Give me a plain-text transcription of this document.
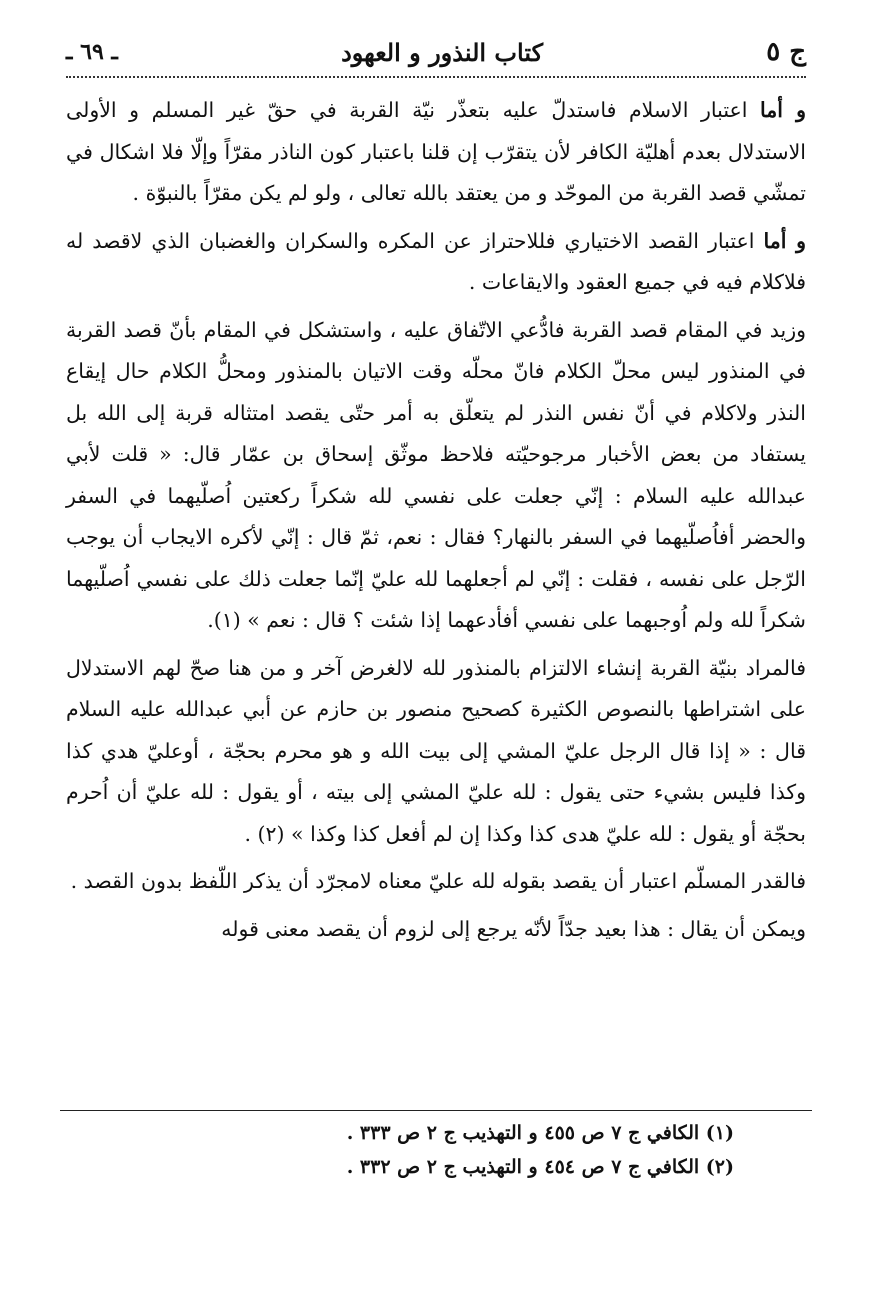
ج ٥
كتاب النذور و العهود
ـ ٦٩ ـ

و أما اعتبار الاسلام فاستدلّ عليه بتعذّر نيّة القربة في حقّ غير المسلم و الأولى الاستدلال بعدم أهليّة الكافر لأن يتقرّب إن قلنا باعتبار كون الناذر مقرّاً وإلّا فلا اشكال في تمشّي قصد القربة من الموحّد و من يعتقد بالله تعالى ، ولو لم يكن مقرّاً بالنبوّة .

و أما اعتبار القصد الاختياري فللاحتراز عن المكره والسكران والغضبان الذي لاقصد له فلاكلام فيه في جميع العقود والايقاعات .

وزيد في المقام قصد القربة فادُّعي الاتّفاق عليه ، واستشكل في المقام بأنّ قصد القربة في المنذور ليس محلّ الكلام فانّ محلّه وقت الاتيان بالمنذور ومحلُّ الكلام حال إيقاع النذر ولاكلام في أنّ نفس النذر لم يتعلّق به أمر حتّى يقصد امتثاله قربة إلى الله بل يستفاد من بعض الأخبار مرجوحيّته فلاحظ موثّق إسحاق بن عمّار قال: « قلت لأبي عبدالله عليه السلام : إنّي جعلت على نفسي لله شكراً ركعتين اُصلّيهما في السفر والحضر أفاُصلّيهما في السفر بالنهار؟ فقال : نعم، ثمّ قال : إنّي لأكره الايجاب أن يوجب الرّجل على نفسه ، فقلت : إنّي لم أجعلهما لله عليّ إنّما جعلت ذلك على نفسي اُصلّيهما شكراً لله ولم اُوجبهما على نفسي أفأدعهما إذا شئت ؟ قال : نعم » (١).

فالمراد بنيّة القربة إنشاء الالتزام بالمنذور لله لالغرض آخر و من هنا صحّ لهم الاستدلال على اشتراطها بالنصوص الكثيرة كصحيح منصور بن حازم عن أبي عبدالله عليه السلام قال : « إذا قال الرجل عليّ المشي إلى بيت الله و هو محرم بحجّة ، أوعليّ هدي كذا وكذا فليس بشيء حتى يقول : لله عليّ المشي إلى بيته ، أو يقول : لله عليّ أن اُحرم بحجّة أو يقول : لله عليّ هدى كذا وكذا إن لم أفعل كذا وكذا » (٢) .

فالقدر المسلّم اعتبار أن يقصد بقوله لله عليّ معناه لامجرّد أن يذكر اللّفظ بدون القصد .

ويمكن أن يقال : هذا بعيد جدّاً لأنّه يرجع إلى لزوم أن يقصد معنى قوله

(١) الكافي ج ٧ ص ٤٥٥ و التهذيب ج ٢ ص ٣٣٣ .
(٢) الكافي ج ٧ ص ٤٥٤ و التهذيب ج ٢ ص ٣٣٢ .
